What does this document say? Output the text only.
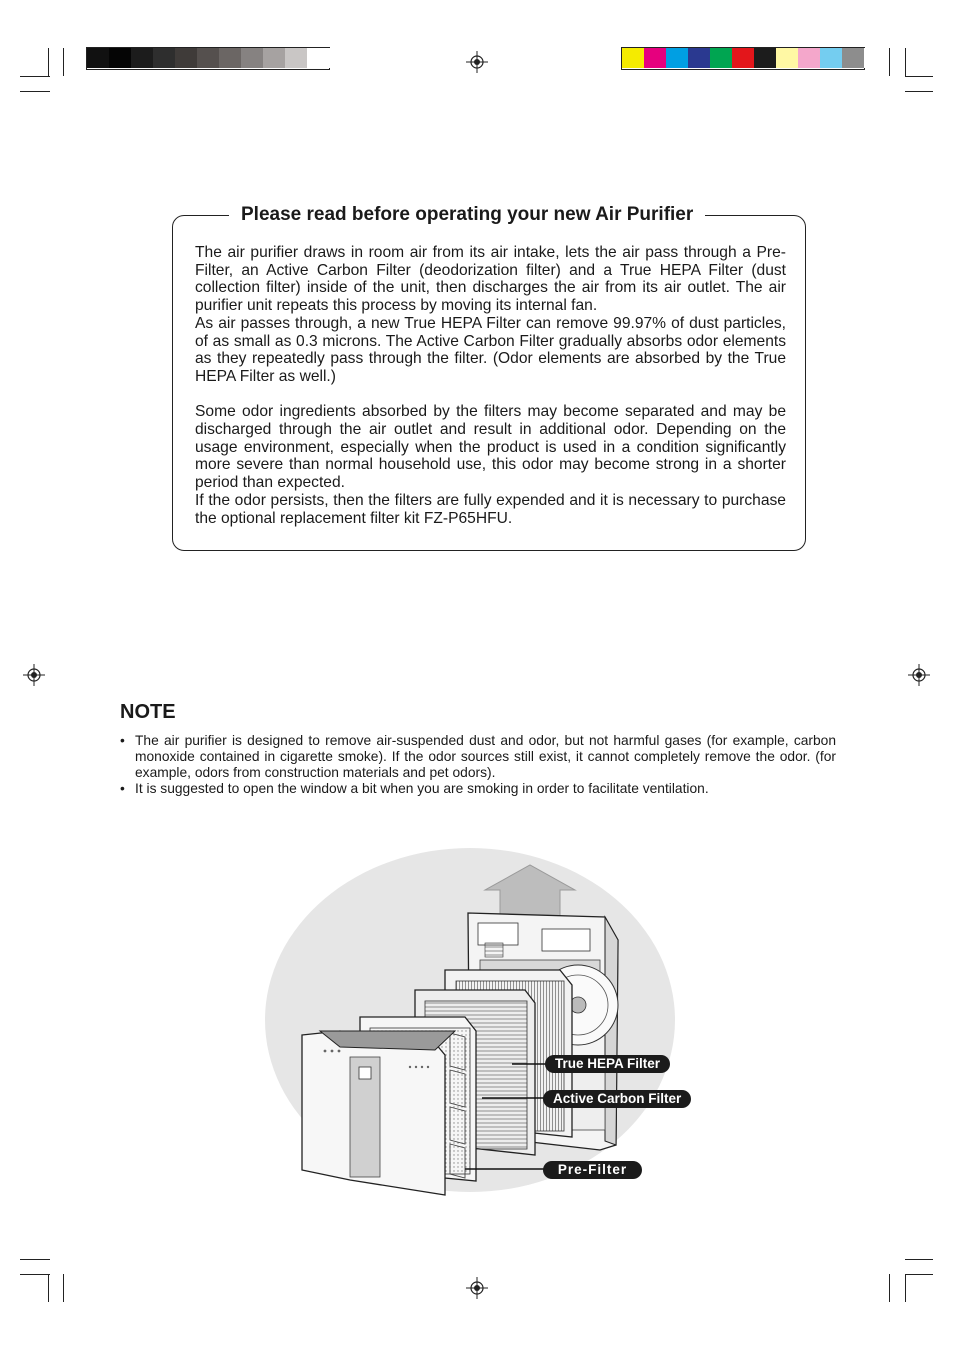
Please read before operating your new Air Purifier

The air purifier draws in room air from its air intake, lets the air pass through a Pre-Filter, an Active Carbon Filter (deodorization filter) and a True HEPA Filter (dust collection filter) inside of the unit, then discharges the air from its air outlet. The air purifier unit repeats this process by moving its internal fan.

As air passes through, a new True HEPA Filter can remove 99.97% of dust particles, of as small as 0.3 microns. The Active Carbon Filter gradually absorbs odor elements as they repeatedly pass through the filter. (Odor elements are absorbed by the True HEPA Filter as well.)

Some odor ingredients absorbed by the filters may become separated and may be discharged through the air outlet and result in additional odor. Depending on the usage environment, especially when the product is used in a condition significantly more severe than normal household use, this odor may become strong in a shorter period than expected.

If the odor persists, then the filters are fully expended and it is necessary to purchase the optional replacement filter kit FZ-P65HFU.

NOTE
• The air purifier is designed to remove air-suspended dust and odor, but not harmful gases (for example, carbon monoxide contained in cigarette smoke). If the odor sources still exist, it cannot completely remove the odor. (for example, odors from construction materials and pet odors).
• It is suggested to open the window a bit when you are smoking in order to facilitate ventilation.
True HEPA Filter
Active Carbon Filter
Pre-Filter
